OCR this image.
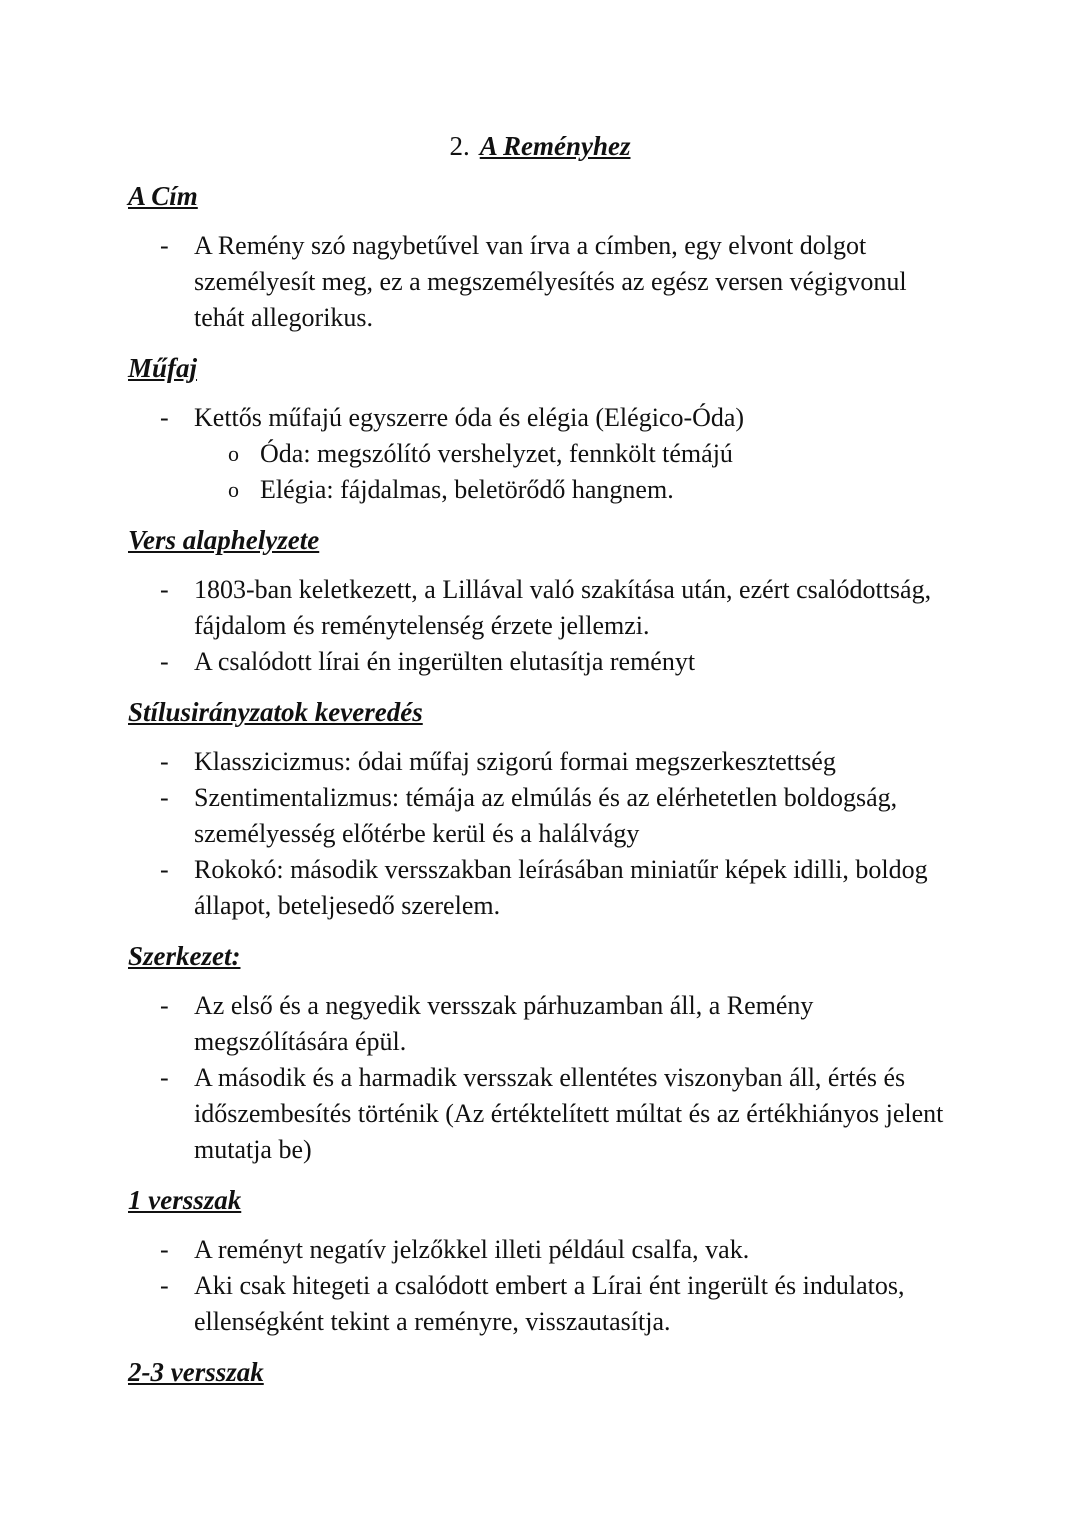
2. A Reményhez
A Cím
- A Remény szó nagybetűvel van írva a címben, egy elvont dolgot személyesít meg, ez a megszemélyesítés az egész versen végigvonul tehát allegorikus.
Műfaj
- Kettős műfajú egyszerre óda és elégia (Elégico-Óda)
o Óda: megszólító vershelyzet, fennkölt témájú
o Elégia: fájdalmas, beletörődő hangnem.
Vers alaphelyzete
- 1803-ban keletkezett, a Lillával való szakítása után, ezért csalódottság, fájdalom és reménytelenség érzete jellemzi.
- A csalódott lírai én ingerülten elutasítja reményt
Stílusirányzatok keveredés
- Klasszicizmus: ódai műfaj szigorú formai megszerkesztettség
- Szentimentalizmus: témája az elmúlás és az elérhetetlen boldogság, személyesség előtérbe kerül és a halálvágy
- Rokokó: második versszakban leírásában miniatűr képek idilli, boldog állapot, beteljesedő szerelem.
Szerkezet:
- Az első és a negyedik versszak párhuzamban áll, a Remény megszólítására épül.
- A második és a harmadik versszak ellentétes viszonyban áll, értés és időszembesítés történik (Az értéktelített múltat és az értékhiányos jelent mutatja be)
1 versszak
- A reményt negatív jelzőkkel illeti például csalfa, vak.
- Aki csak hitegeti a csalódott embert a Lírai ént ingerült és indulatos, ellenségként tekint a reményre, visszautasítja.
2-3 versszak
